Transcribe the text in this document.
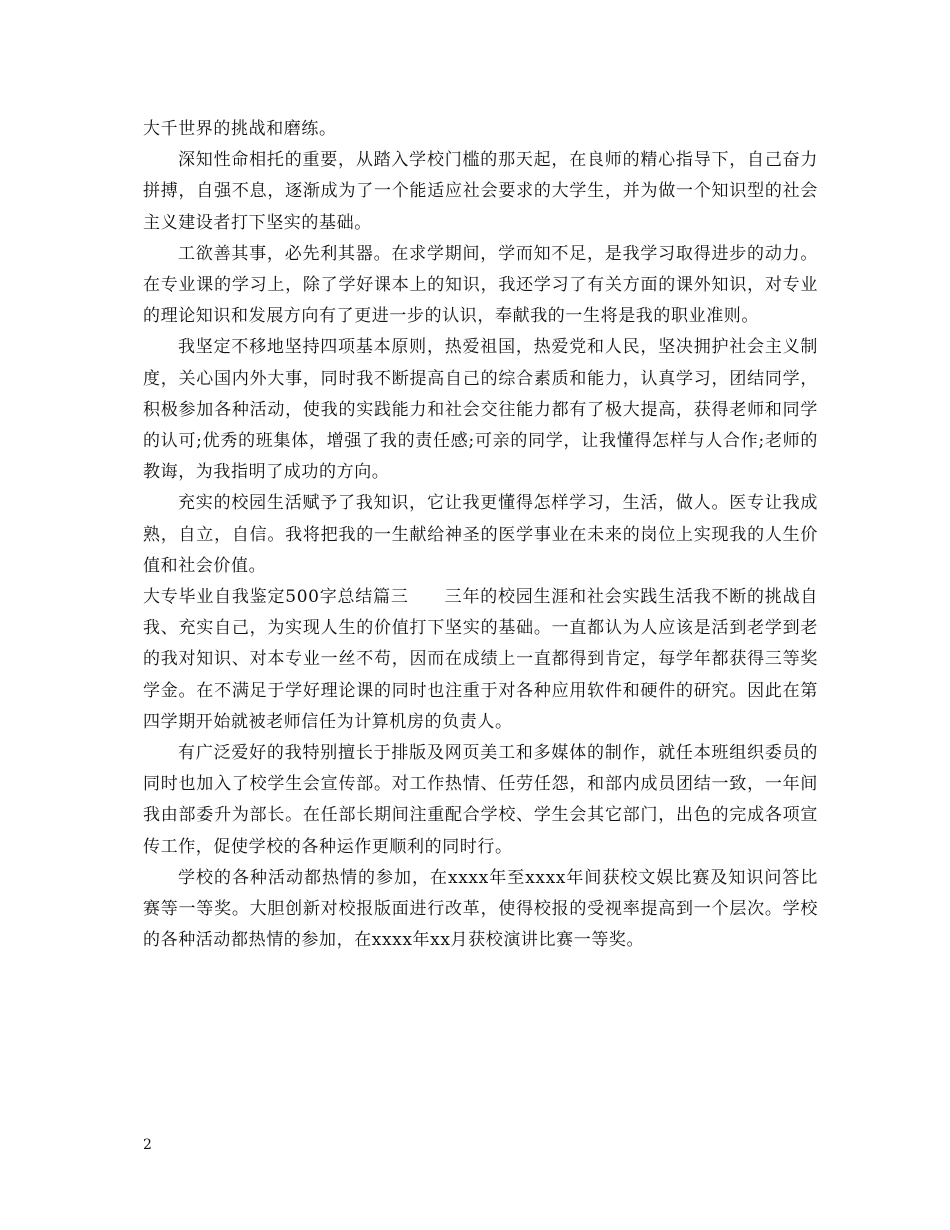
大千世界的挑战和磨练。

深知性命相托的重要，从踏入学校门槛的那天起，在良师的精心指导下，自己奋力拼搏，自强不息，逐渐成为了一个能适应社会要求的大学生，并为做一个知识型的社会主义建设者打下坚实的基础。

工欲善其事，必先利其器。在求学期间，学而知不足，是我学习取得进步的动力。在专业课的学习上，除了学好课本上的知识，我还学习了有关方面的课外知识，对专业的理论知识和发展方向有了更进一步的认识，奉献我的一生将是我的职业准则。

我坚定不移地坚持四项基本原则，热爱祖国，热爱党和人民，坚决拥护社会主义制度，关心国内外大事，同时我不断提高自己的综合素质和能力，认真学习，团结同学，积极参加各种活动，使我的实践能力和社会交往能力都有了极大提高，获得老师和同学的认可;优秀的班集体，增强了我的责任感;可亲的同学，让我懂得怎样与人合作;老师的教诲，为我指明了成功的方向。

充实的校园生活赋予了我知识，它让我更懂得怎样学习，生活，做人。医专让我成熟，自立，自信。我将把我的一生献给神圣的医学事业在未来的岗位上实现我的人生价值和社会价值。

大专毕业自我鉴定500字总结篇三 三年的校园生涯和社会实践生活我不断的挑战自我、充实自己，为实现人生的价值打下坚实的基础。一直都认为人应该是活到老学到老的我对知识、对本专业一丝不苟，因而在成绩上一直都得到肯定，每学年都获得三等奖学金。在不满足于学好理论课的同时也注重于对各种应用软件和硬件的研究。因此在第四学期开始就被老师信任为计算机房的负责人。

有广泛爱好的我特别擅长于排版及网页美工和多媒体的制作，就任本班组织委员的同时也加入了校学生会宣传部。对工作热情、任劳任怨，和部内成员团结一致，一年间我由部委升为部长。在任部长期间注重配合学校、学生会其它部门，出色的完成各项宣传工作，促使学校的各种运作更顺利的同时行。

学校的各种活动都热情的参加，在xxxx年至xxxx年间获校文娱比赛及知识问答比赛等一等奖。大胆创新对校报版面进行改革，使得校报的受视率提高到一个层次。学校的各种活动都热情的参加，在xxxx年xx月获校演讲比赛一等奖。

2
